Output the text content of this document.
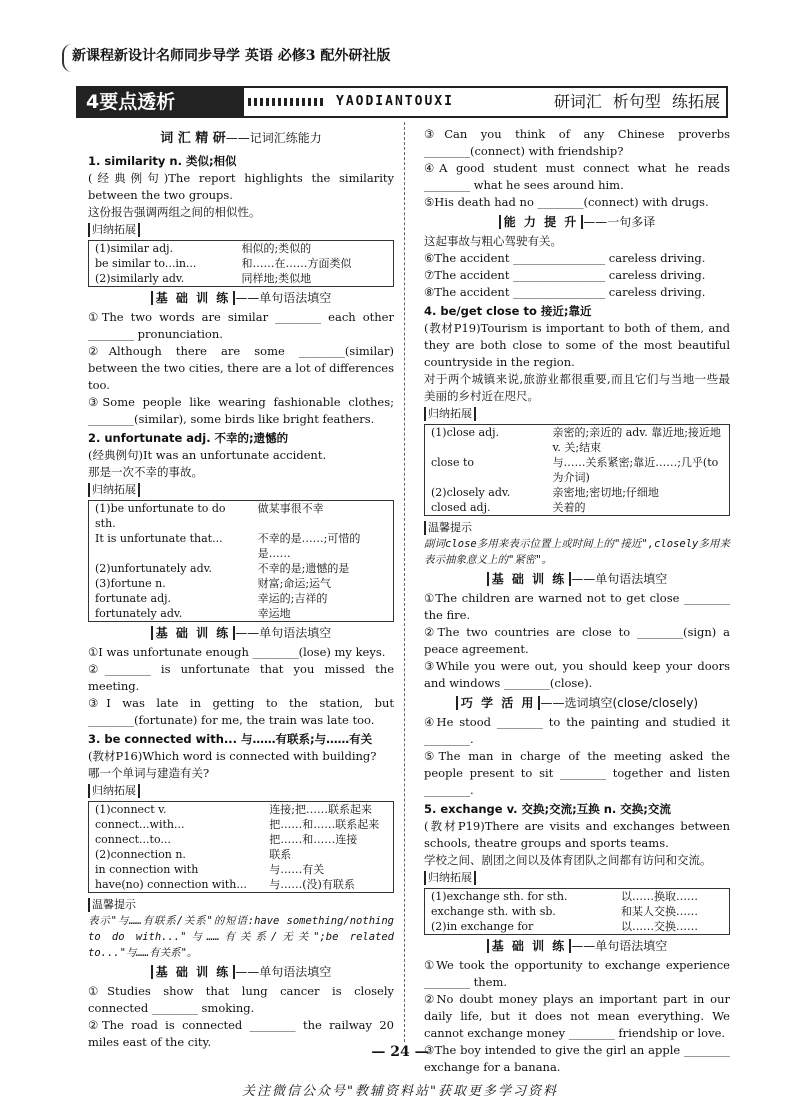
新课程新设计名师同步导学 英语 必修3 配外研社版
4要点透析	YAODIANTOUXI	研词汇 析句型 练拓展
词 汇 精 研——记词汇练能力
1. similarity n. 类似;相似

(经典例句)The report highlights the similarity between the two groups.

这份报告强调两组之间的相似性。

归纳拓展
(1)similar adj.	相似的;类似的
be similar to...in...	和……在……方面类似
(2)similarly adv.	同样地;类似地
基 础 训 练 ——单句语法填空

①The two words are similar ________ each other ________ pronunciation.

②Although there are some ________(similar) between the two cities, there are a lot of differences too.

③Some people like wearing fashionable clothes; ________(similar), some birds like bright feathers.

2. unfortunate adj. 不幸的;遗憾的

(经典例句)It was an unfortunate accident.

那是一次不幸的事故。

归纳拓展
(1)be unfortunate to do sth.	做某事很不幸
It is unfortunate that...	不幸的是……;可惜的是……
(2)unfortunately adv.	不幸的是;遗憾的是
(3)fortune n.	财富;命运;运气
fortunate adj.	幸运的;吉祥的
fortunately adv.	幸运地
基 础 训 练 ——单句语法填空

①I was unfortunate enough ________(lose) my keys.

②________ is unfortunate that you missed the meeting.

③I was late in getting to the station, but ________(fortunate) for me, the train was late too.

3. be connected with... 与……有联系;与……有关

(教材P16)Which word is connected with building?

哪一个单词与建造有关?

归纳拓展
(1)connect v.	连接;把……联系起来
connect...with...	把……和……联系起来
connect...to...	把……和……连接
(2)connection n.	联系
in connection with	与……有关
have(no) connection with...	与……(没)有联系
温馨提示

表示"与……有联系/关系"的短语:have something/nothing to do with..."与……有关系/无关";be related to..."与……有关系"。

基 础 训 练 ——单句语法填空

①Studies show that lung cancer is closely connected ________ smoking.

②The road is connected ________ the railway 20 miles east of the city.

③Can you think of any Chinese proverbs ________(connect) with friendship?

④A good student must connect what he reads ________ what he sees around him.

⑤His death had no ________(connect) with drugs.

能 力 提 升 ——一句多译

这起事故与粗心驾驶有关。

⑥The accident ________________ careless driving.

⑦The accident ________________ careless driving.

⑧The accident ________________ careless driving.

4. be/get close to 接近;靠近

(教材P19)Tourism is important to both of them, and they are both close to some of the most beautiful countryside in the region.

对于两个城镇来说,旅游业都很重要,而且它们与当地一些最美丽的乡村近在咫尺。

归纳拓展
(1)close adj.	亲密的;亲近的 adv. 靠近地;接近地 v. 关;结束
close to	与……关系紧密;靠近……;几乎(to为介词)
(2)closely adv.	亲密地;密切地;仔细地
closed adj.	关着的
温馨提示

副词close多用来表示位置上或时间上的"接近",closely多用来表示抽象意义上的"紧密"。

基 础 训 练 ——单句语法填空

①The children are warned not to get close ________ the fire.

②The two countries are close to ________(sign) a peace agreement.

③While you were out, you should keep your doors and windows ________(close).

巧 学 活 用 ——选词填空(close/closely)

④He stood ________ to the painting and studied it ________.

⑤The man in charge of the meeting asked the people present to sit ________ together and listen ________.

5. exchange v. 交换;交流;互换 n. 交换;交流

(教材P19)There are visits and exchanges between schools, theatre groups and sports teams.

学校之间、剧团之间以及体育团队之间都有访问和交流。

归纳拓展
(1)exchange sth. for sth.	以……换取……
exchange sth. with sb.	和某人交换……
(2)in exchange for	以……交换……
基 础 训 练 ——单句语法填空

①We took the opportunity to exchange experience ________ them.

②No doubt money plays an important part in our daily life, but it does not mean everything. We cannot exchange money ________ friendship or love.

③The boy intended to give the girl an apple ________ exchange for a banana.

— 24 —
关注微信公众号"教辅资料站"获取更多学习资料
